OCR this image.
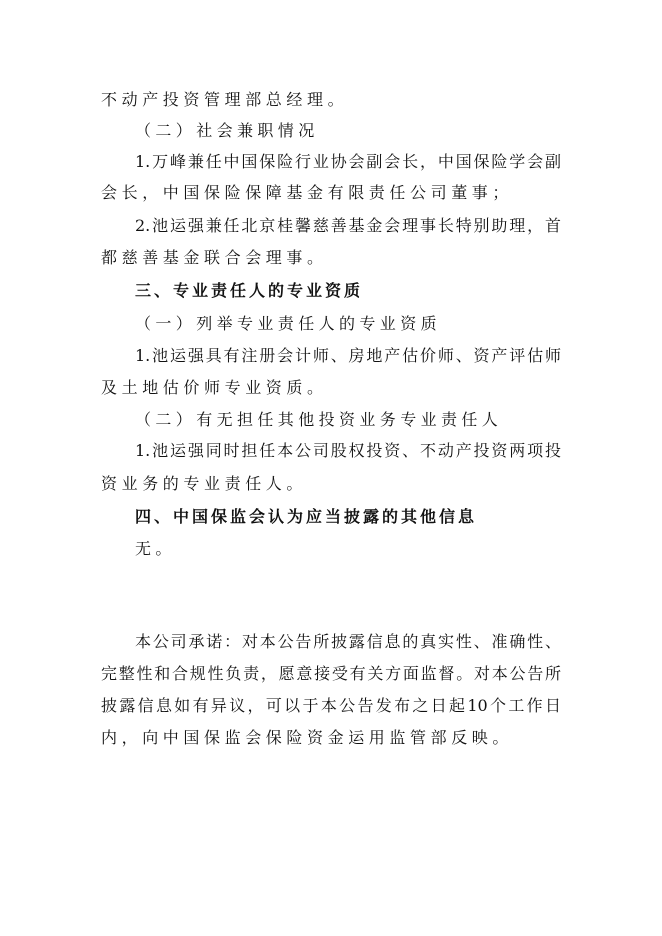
不动产投资管理部总经理。
（二）社会兼职情况
1.万峰兼任中国保险行业协会副会长，中国保险学会副
会长，中国保险保障基金有限责任公司董事；
2.池运强兼任北京桂馨慈善基金会理事长特别助理，首
都慈善基金联合会理事。
三、专业责任人的专业资质
（一）列举专业责任人的专业资质
1.池运强具有注册会计师、房地产估价师、资产评估师
及土地估价师专业资质。
（二）有无担任其他投资业务专业责任人
1.池运强同时担任本公司股权投资、不动产投资两项投
资业务的专业责任人。
四、中国保监会认为应当披露的其他信息
无。
本公司承诺：对本公告所披露信息的真实性、准确性、
完整性和合规性负责，愿意接受有关方面监督。对本公告所
披露信息如有异议，可以于本公告发布之日起10个工作日
内，向中国保监会保险资金运用监管部反映。
